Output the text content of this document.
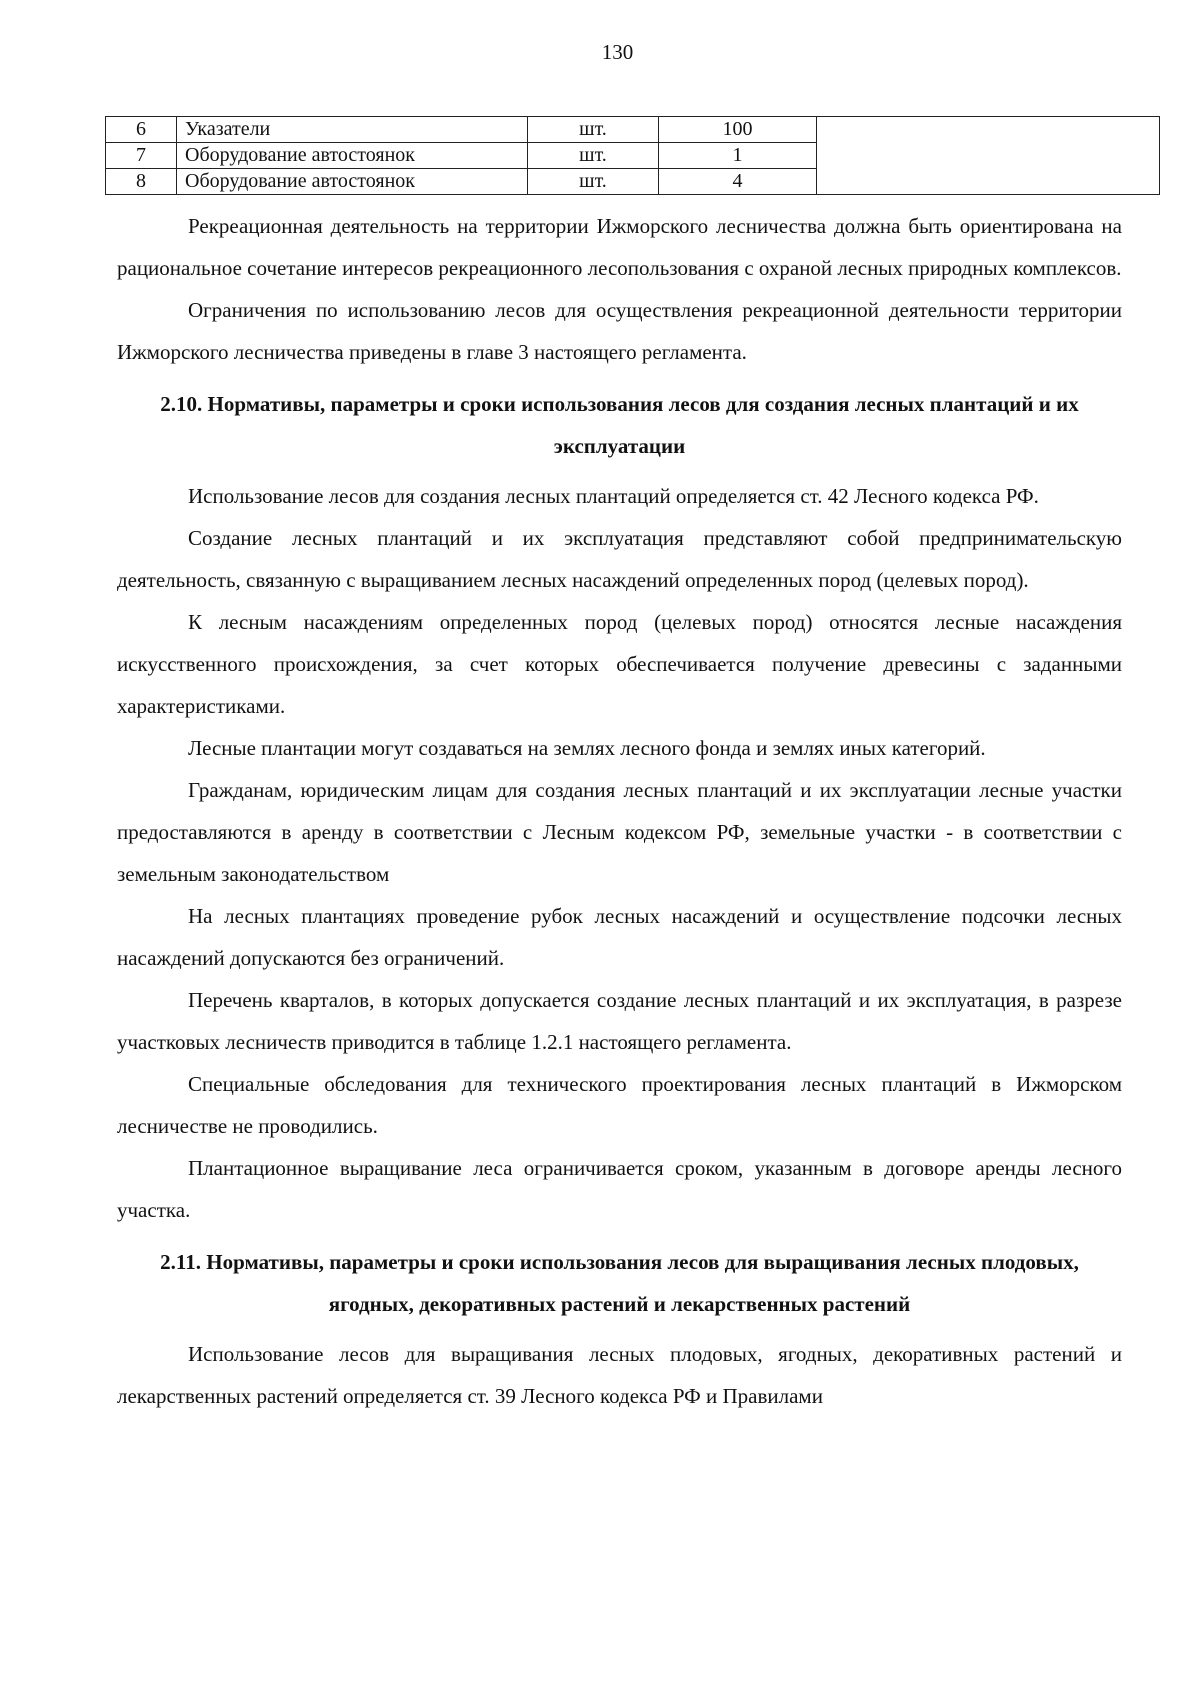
130
6	Указатели	шт.	100	
7	Оборудование автостоянок	шт.	1	
8	Оборудование автостоянок	шт.	4	

Рекреационная деятельность на территории Ижморского лесничества должна быть ориентирована на рациональное сочетание интересов рекреационного лесопользования с охраной лесных природных комплексов.

Ограничения по использованию лесов для осуществления рекреационной деятельности территории Ижморского лесничества приведены в главе 3 настоящего регламента.

2.10. Нормативы, параметры и сроки использования лесов для создания лесных плантаций и их эксплуатации

Использование лесов для создания лесных плантаций определяется ст. 42 Лесного кодекса РФ.

Создание лесных плантаций и их эксплуатация представляют собой предпринимательскую деятельность, связанную с выращиванием лесных насаждений определенных пород (целевых пород).

К лесным насаждениям определенных пород (целевых пород) относятся лесные насаждения искусственного происхождения, за счет которых обеспечивается получение древесины с заданными характеристиками.

Лесные плантации могут создаваться на землях лесного фонда и землях иных категорий.

Гражданам, юридическим лицам для создания лесных плантаций и их эксплуатации лесные участки предоставляются в аренду в соответствии с Лесным кодексом РФ, земельные участки - в соответствии с земельным законодательством

На лесных плантациях проведение рубок лесных насаждений и осуществление подсочки лесных насаждений допускаются без ограничений.

Перечень кварталов, в которых допускается создание лесных плантаций и их эксплуатация, в разрезе участковых лесничеств приводится в таблице 1.2.1 настоящего регламента.

Специальные обследования для технического проектирования лесных плантаций в Ижморском лесничестве не проводились.

Плантационное выращивание леса ограничивается сроком, указанным в договоре аренды лесного участка.

2.11. Нормативы, параметры и сроки использования лесов для выращивания лесных плодовых, ягодных, декоративных растений и лекарственных растений

Использование лесов для выращивания лесных плодовых, ягодных, декоративных растений и лекарственных растений определяется ст. 39 Лесного кодекса РФ и Правилами
